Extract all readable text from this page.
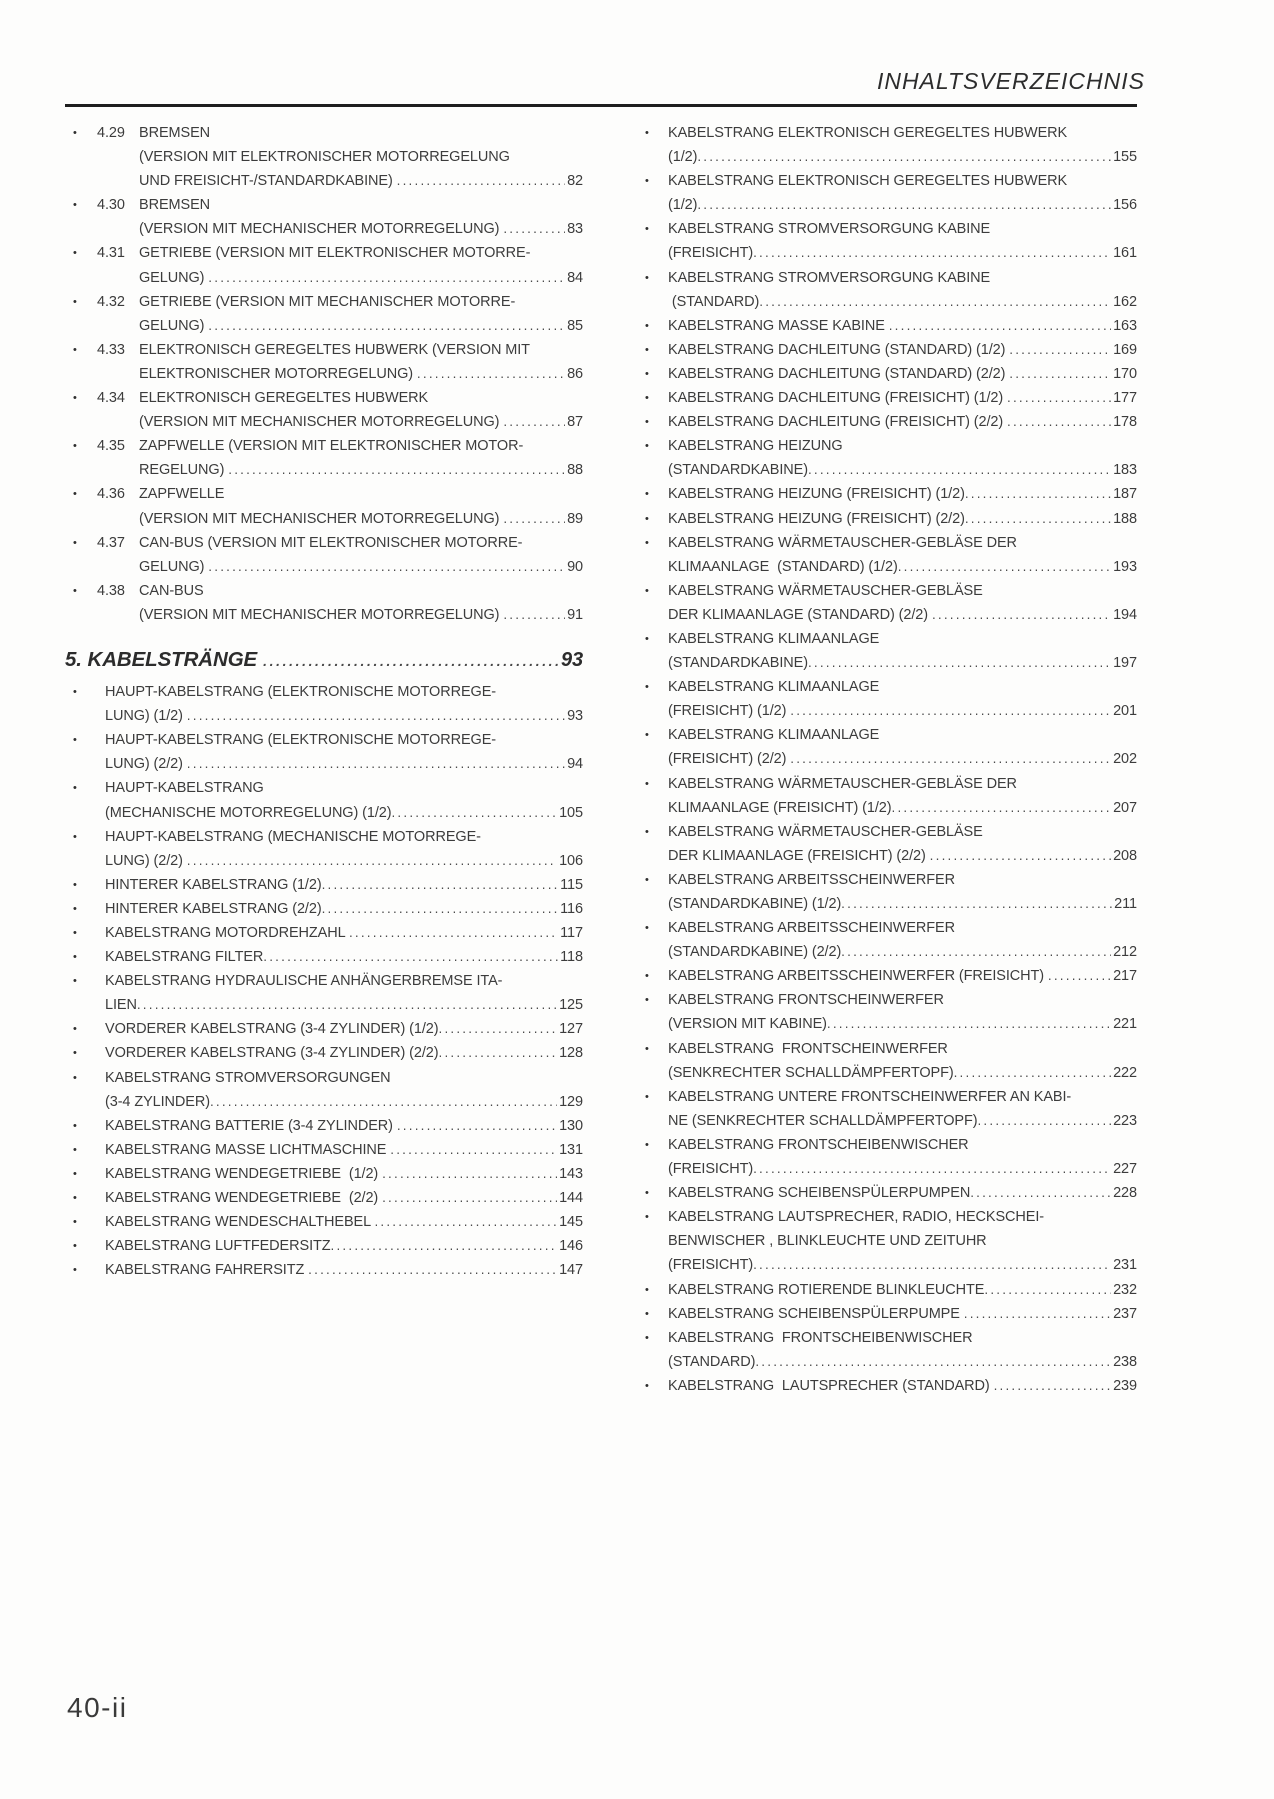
INHALTSVERZEICHNIS
•	4.29 BREMSEN
(VERSION MIT ELEKTRONISCHER MOTORREGELUNG
UND FREISICHT-/STANDARDKABINE) .....	82
•	4.30 BREMSEN
(VERSION MIT MECHANISCHER MOTORREGELUNG) .....	83
•	4.31 GETRIEBE (VERSION MIT ELEKTRONISCHER MOTORRE-
GELUNG) .....	84
•	4.32 GETRIEBE (VERSION MIT MECHANISCHER MOTORRE-
GELUNG) .....	85
•	4.33 ELEKTRONISCH GEREGELTES HUBWERK (VERSION MIT
ELEKTRONISCHER MOTORREGELUNG) .....	86
•	4.34 ELEKTRONISCH GEREGELTES HUBWERK
(VERSION MIT MECHANISCHER MOTORREGELUNG) .....	87
•	4.35 ZAPFWELLE (VERSION MIT ELEKTRONISCHER MOTOR-
REGELUNG) .....	88
•	4.36 ZAPFWELLE
(VERSION MIT MECHANISCHER MOTORREGELUNG) .....	89
•	4.37 CAN-BUS (VERSION MIT ELEKTRONISCHER MOTORRE-
GELUNG) .....	90
•	4.38 CAN-BUS
(VERSION MIT MECHANISCHER MOTORREGELUNG) .....	91
5. KABELSTRÄNGE .....	93
•	HAUPT-KABELSTRANG (ELEKTRONISCHE MOTORREGE-
LUNG) (1/2) .....	93
•	HAUPT-KABELSTRANG (ELEKTRONISCHE MOTORREGE-
LUNG) (2/2) .....	94
•	HAUPT-KABELSTRANG
(MECHANISCHE MOTORREGELUNG) (1/2) .....	105
•	HAUPT-KABELSTRANG (MECHANISCHE MOTORREGE-
LUNG) (2/2) .....	106
•	HINTERER KABELSTRANG (1/2) .....	115
•	HINTERER KABELSTRANG (2/2) .....	116
•	KABELSTRANG MOTORDREHZAHL .....	117
•	KABELSTRANG FILTER .....	118
•	KABELSTRANG HYDRAULISCHE ANHÄNGERBREMSE ITA-
LIEN .....	125
•	VORDERER KABELSTRANG (3-4 ZYLINDER) (1/2) .....	127
•	VORDERER KABELSTRANG (3-4 ZYLINDER) (2/2) .....	128
•	KABELSTRANG STROMVERSORGUNGEN
(3-4 ZYLINDER) .....	129
•	KABELSTRANG BATTERIE (3-4 ZYLINDER) .....	130
•	KABELSTRANG MASSE LICHTMASCHINE .....	131
•	KABELSTRANG WENDEGETRIEBE  (1/2) .....	143
•	KABELSTRANG WENDEGETRIEBE  (2/2) .....	144
•	KABELSTRANG WENDESCHALTHEBEL .....	145
•	KABELSTRANG LUFTFEDERSITZ .....	146
•	KABELSTRANG FAHRERSITZ .....	147
•	KABELSTRANG ELEKTRONISCH GEREGELTES HUBWERK
(1/2) .....	155
•	KABELSTRANG ELEKTRONISCH GEREGELTES HUBWERK
(1/2) .....	156
•	KABELSTRANG STROMVERSORGUNG KABINE
(FREISICHT) .....	161
•	KABELSTRANG STROMVERSORGUNG KABINE
(STANDARD) .....	162
•	KABELSTRANG MASSE KABINE .....	163
•	KABELSTRANG DACHLEITUNG (STANDARD) (1/2) .....	169
•	KABELSTRANG DACHLEITUNG (STANDARD) (2/2) .....	170
•	KABELSTRANG DACHLEITUNG (FREISICHT) (1/2) .....	177
•	KABELSTRANG DACHLEITUNG (FREISICHT) (2/2) .....	178
•	KABELSTRANG HEIZUNG
(STANDARDKABINE) .....	183
•	KABELSTRANG HEIZUNG (FREISICHT) (1/2) .....	187
•	KABELSTRANG HEIZUNG (FREISICHT) (2/2) .....	188
•	KABELSTRANG WÄRMETAUSCHER-GEBLÄSE DER
KLIMAANLAGE  (STANDARD) (1/2) .....	193
•	KABELSTRANG WÄRMETAUSCHER-GEBLÄSE
DER KLIMAANLAGE (STANDARD) (2/2) .....	194
•	KABELSTRANG KLIMAANLAGE
(STANDARDKABINE) .....	197
•	KABELSTRANG KLIMAANLAGE
(FREISICHT) (1/2) .....	201
•	KABELSTRANG KLIMAANLAGE
(FREISICHT) (2/2) .....	202
•	KABELSTRANG WÄRMETAUSCHER-GEBLÄSE DER
KLIMAANLAGE (FREISICHT) (1/2) .....	207
•	KABELSTRANG WÄRMETAUSCHER-GEBLÄSE
DER KLIMAANLAGE (FREISICHT) (2/2) .....	208
•	KABELSTRANG ARBEITSSCHEINWERFER
(STANDARDKABINE) (1/2) .....	211
•	KABELSTRANG ARBEITSSCHEINWERFER
(STANDARDKABINE) (2/2) .....	212
•	KABELSTRANG ARBEITSSCHEINWERFER (FREISICHT) .....	217
•	KABELSTRANG FRONTSCHEINWERFER
(VERSION MIT KABINE) .....	221
•	KABELSTRANG  FRONTSCHEINWERFER
(SENKRECHTER SCHALLDÄMPFERTOPF) .....	222
•	KABELSTRANG UNTERE FRONTSCHEINWERFER AN KABI-
NE (SENKRECHTER SCHALLDÄMPFERTOPF) .....	223
•	KABELSTRANG FRONTSCHEIBENWISCHER
(FREISICHT) .....	227
•	KABELSTRANG SCHEIBENSPÜLERPUMPEN .....	228
•	KABELSTRANG LAUTSPRECHER, RADIO, HECKSCHEI-
BENWISCHER , BLINKLEUCHTE UND ZEITUHR
(FREISICHT) .....	231
•	KABELSTRANG ROTIERENDE BLINKLEUCHTE .....	232
•	KABELSTRANG SCHEIBENSPÜLERPUMPE .....	237
•	KABELSTRANG  FRONTSCHEIBENWISCHER
(STANDARD) .....	238
•	KABELSTRANG  LAUTSPRECHER (STANDARD) .....	239
40-ii
